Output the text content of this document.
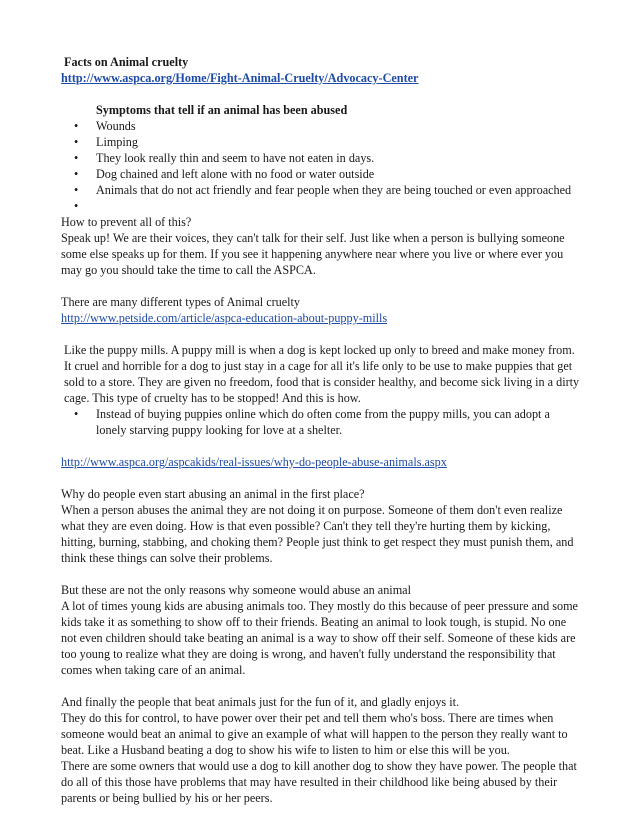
Facts on Animal cruelty
http://www.aspca.org/Home/Fight-Animal-Cruelty/Advocacy-Center
Symptoms that tell if an animal has been abused
• Wounds
• Limping
• They look really thin and seem to have not eaten in days.
• Dog chained and left alone with no food or water outside
• Animals that do not act friendly and fear people when they are being touched or even approached
•

How to prevent all of this?

Speak up! We are their voices, they can't talk for their self. Just like when a person is bullying someone some else speaks up for them. If you see it happening anywhere near where you live or where ever you may go you should take the time to call the ASPCA.

There are many different types of Animal cruelty

http://www.petside.com/article/aspca-education-about-puppy-mills

Like the puppy mills. A puppy mill is when a dog is kept locked up only to breed and make money from. It cruel and horrible for a dog to just stay in a cage for all it's life only to be use to make puppies that get sold to a store. They are given no freedom, food that is consider healthy, and become sick living in a dirty cage. This type of cruelty has to be stopped! And this is how.

• Instead of buying puppies online which do often come from the puppy mills, you can adopt a lonely starving puppy looking for love at a shelter.
http://www.aspca.org/aspcakids/real-issues/why-do-people-abuse-animals.aspx

Why do people even start abusing an animal in the first place?

When a person abuses the animal they are not doing it on purpose. Someone of them don't even realize what they are even doing. How is that even possible? Can't they tell they're hurting them by kicking, hitting, burning, stabbing, and choking them? People just think to get respect they must punish them, and think these things can solve their problems.

But these are not the only reasons why someone would abuse an animal

A lot of times young kids are abusing animals too. They mostly do this because of peer pressure and some kids take it as something to show off to their friends. Beating an animal to look tough, is stupid. No one not even children should take beating an animal is a way to show off their self. Someone of these kids are too young to realize what they are doing is wrong, and haven't fully understand the responsibility that comes when taking care of an animal.

And finally the people that beat animals just for the fun of it, and gladly enjoys it.

They do this for control, to have power over their pet and tell them who's boss. There are times when someone would beat an animal to give an example of what will happen to the person they really want to beat. Like a Husband beating a dog to show his wife to listen to him or else this will be you.

There are some owners that would use a dog to kill another dog to show they have power. The people that do all of this those have problems that may have resulted in their childhood like being abused by their parents or being bullied by his or her peers.
